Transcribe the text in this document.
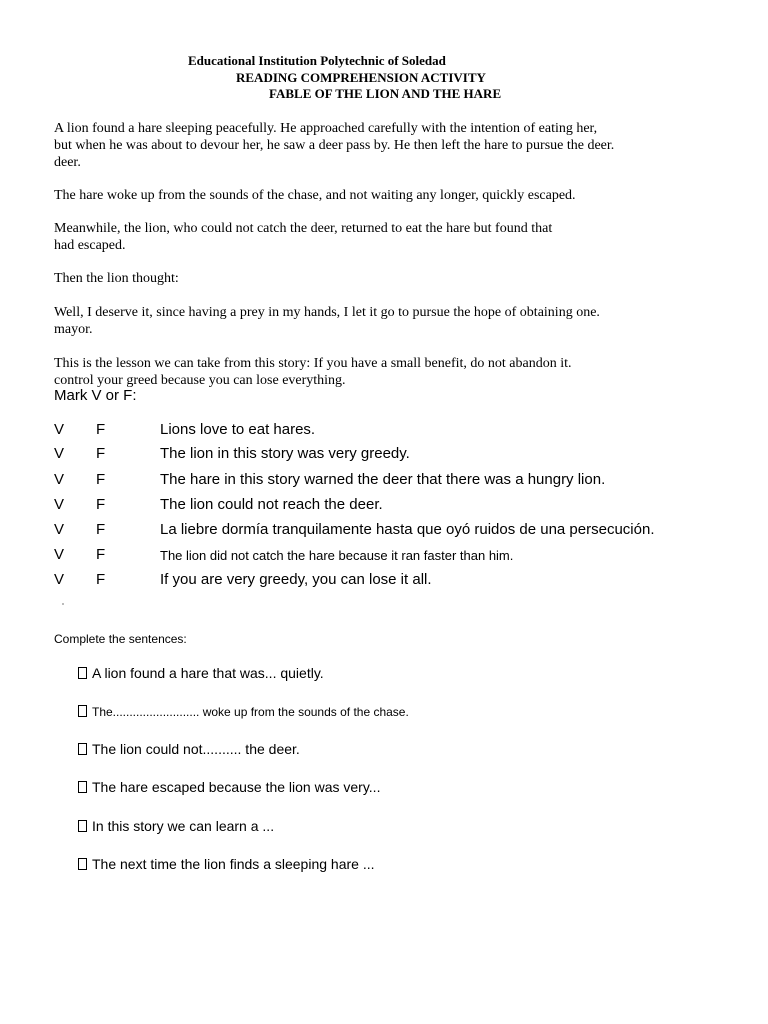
Educational Institution Polytechnic of Soledad
READING COMPREHENSION ACTIVITY
FABLE OF THE LION AND THE HARE
A lion found a hare sleeping peacefully. He approached carefully with the intention of eating her,
but when he was about to devour her, he saw a deer pass by. He then left the hare to pursue the deer.
deer.
The hare woke up from the sounds of the chase, and not waiting any longer, quickly escaped.
Meanwhile, the lion, who could not catch the deer, returned to eat the hare but found that
had escaped.
Then the lion thought:
Well, I deserve it, since having a prey in my hands, I let it go to pursue the hope of obtaining one.
mayor.
This is the lesson we can take from this story: If you have a small benefit, do not abandon it.
control your greed because you can lose everything.
Mark V or F:
V F	Lions love to eat hares.
V F	The lion in this story was very greedy.
V F	The hare in this story warned the deer that there was a hungry lion.
V F	The lion could not reach the deer.
V F	La liebre dormía tranquilamente hasta que oyó ruidos de una persecución.
V F	The lion did not catch the hare because it ran faster than him.
V F	If you are very greedy, you can lose it all.
Complete the sentences:
A lion found a hare that was... quietly.
The.......................... woke up from the sounds of the chase.
The lion could not.......... the deer.
The hare escaped because the lion was very...
In this story we can learn a ...
The next time the lion finds a sleeping hare ...
